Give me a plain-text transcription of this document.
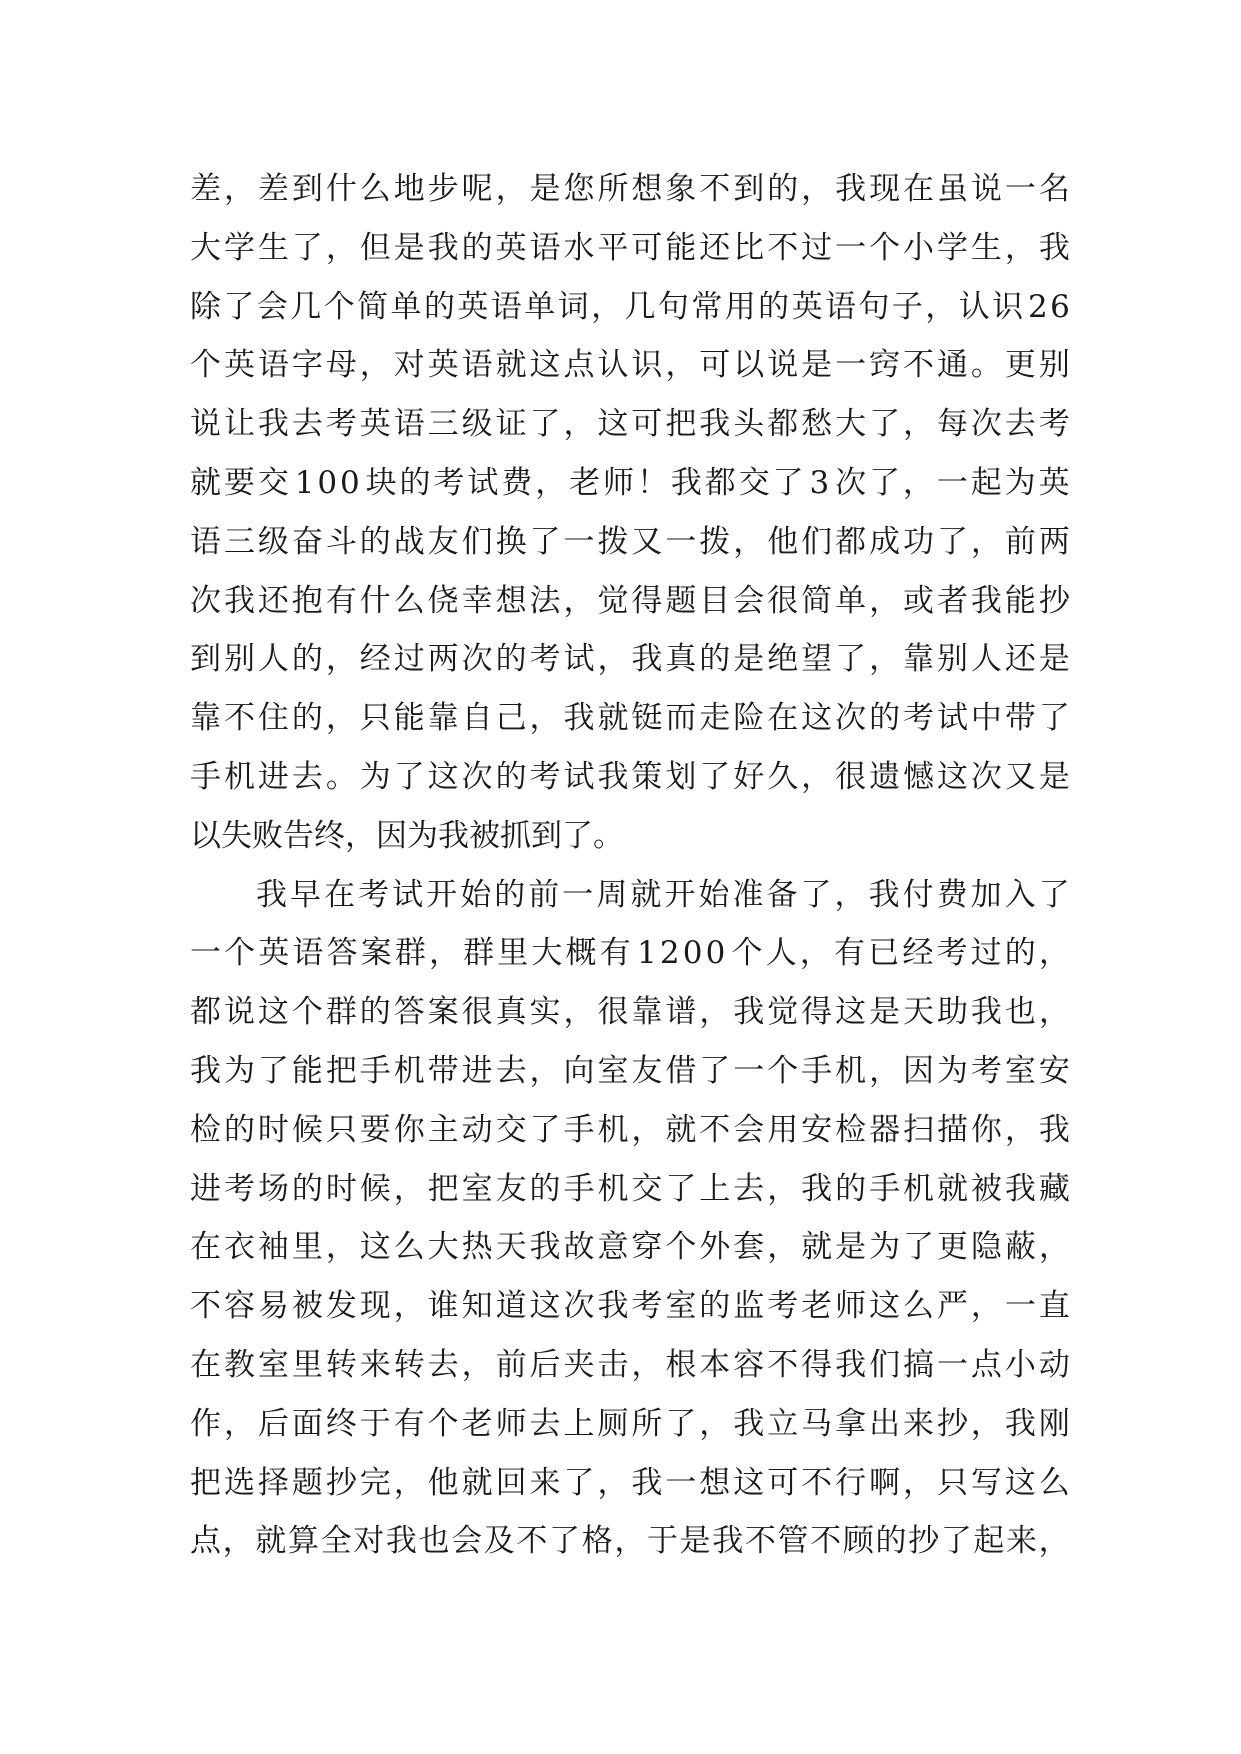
差 ， 差 到 什 么 地 步 呢 ， 是 您 所 想 象 不 到 的 ， 我 现 在 虽 说 一 名
大 学 生 了 ， 但 是 我 的 英 语 水 平 可 能 还 比 不 过 一 个 小 学 生 ， 我
除 了 会 几 个 简 单 的 英 语 单 词 ， 几 句 常 用 的 英 语 句 子 ， 认 识 2 6
个 英 语 字 母 ， 对 英 语 就 这 点 认 识 ， 可 以 说 是 一 窍 不 通 。 更 别
说 让 我 去 考 英 语 三 级 证 了 ， 这 可 把 我 头 都 愁 大 了 ， 每 次 去 考
就 要 交 1 0 0 块 的 考 试 费 ， 老 师 ！ 我 都 交 了 3 次 了 ， 一 起 为 英
语 三 级 奋 斗 的 战 友 们 换 了 一 拨 又 一 拨 ， 他 们 都 成 功 了 ， 前 两
次 我 还 抱 有 什 么 侥 幸 想 法 ， 觉 得 题 目 会 很 简 单 ， 或 者 我 能 抄
到 别 人 的 ， 经 过 两 次 的 考 试 ， 我 真 的 是 绝 望 了 ， 靠 别 人 还 是
靠 不 住 的 ， 只 能 靠 自 己 ， 我 就 铤 而 走 险 在 这 次 的 考 试 中 带 了
手 机 进 去 。 为 了 这 次 的 考 试 我 策 划 了 好 久 ， 很 遗 憾 这 次 又 是
以失败告终，因为我被抓到了。
我 早 在 考 试 开 始 的 前 一 周 就 开 始 准 备 了 ， 我 付 费 加 入 了
一 个 英 语 答 案 群 ， 群 里 大 概 有 1 2 0 0 个 人 ， 有 已 经 考 过 的 ，
都 说 这 个 群 的 答 案 很 真 实 ， 很 靠 谱 ， 我 觉 得 这 是 天 助 我 也 ，
我 为 了 能 把 手 机 带 进 去 ， 向 室 友 借 了 一 个 手 机 ， 因 为 考 室 安
检 的 时 候 只 要 你 主 动 交 了 手 机 ， 就 不 会 用 安 检 器 扫 描 你 ， 我
进 考 场 的 时 候 ， 把 室 友 的 手 机 交 了 上 去 ， 我 的 手 机 就 被 我 藏
在 衣 袖 里 ， 这 么 大 热 天 我 故 意 穿 个 外 套 ， 就 是 为 了 更 隐 蔽 ，
不 容 易 被 发 现 ， 谁 知 道 这 次 我 考 室 的 监 考 老 师 这 么 严 ， 一 直
在 教 室 里 转 来 转 去 ， 前 后 夹 击 ， 根 本 容 不 得 我 们 搞 一 点 小 动
作 ， 后 面 终 于 有 个 老 师 去 上 厕 所 了 ， 我 立 马 拿 出 来 抄 ， 我 刚
把 选 择 题 抄 完 ， 他 就 回 来 了 ， 我 一 想 这 可 不 行 啊 ， 只 写 这 么
点 ， 就 算 全 对 我 也 会 及 不 了 格 ， 于 是 我 不 管 不 顾 的 抄 了 起 来 ，
